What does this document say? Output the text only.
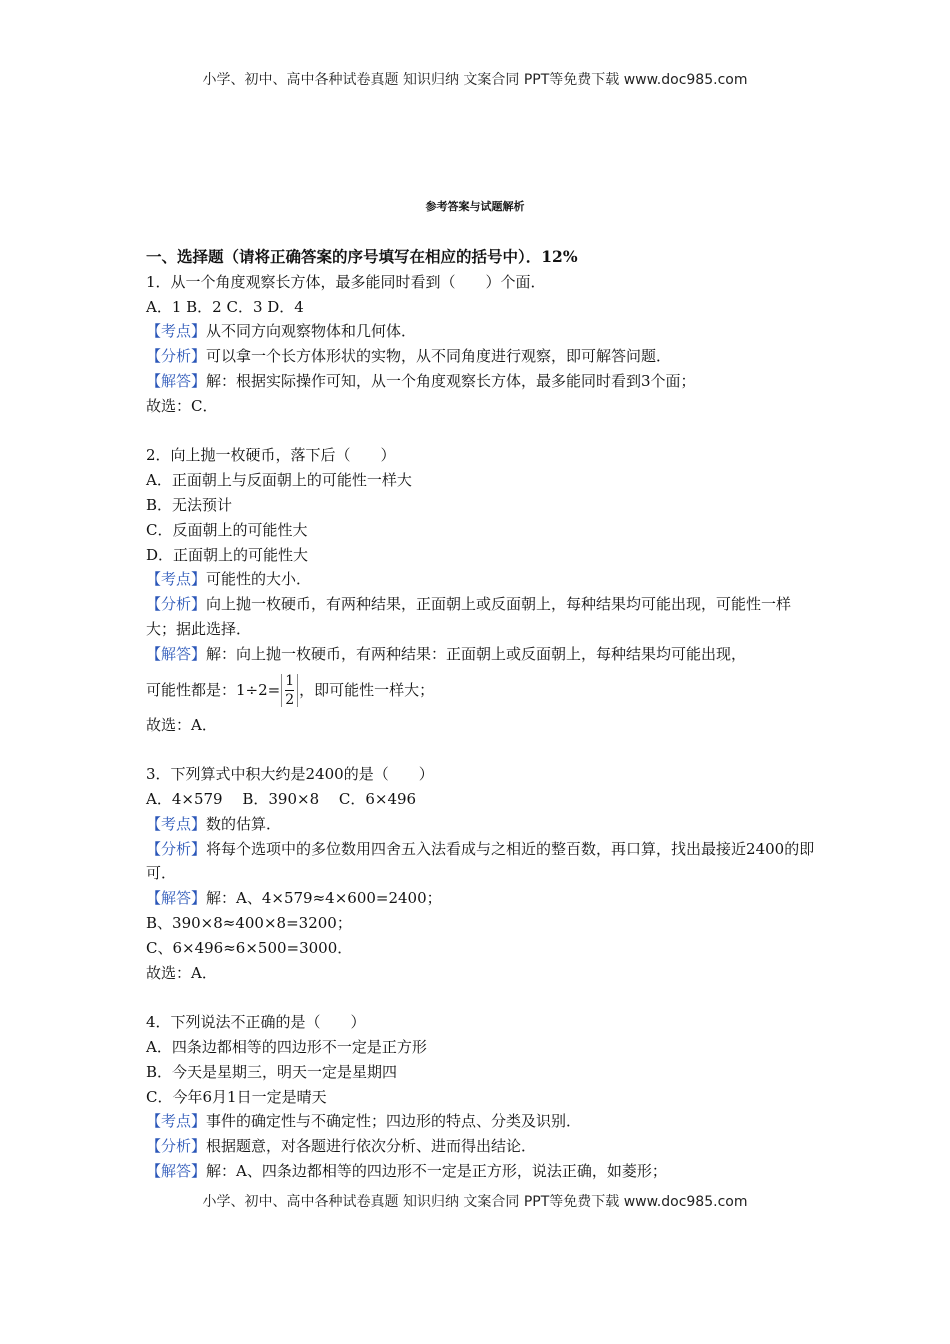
小学、初中、高中各种试卷真题 知识归纳 文案合同 PPT等免费下载 www.doc985.com
参考答案与试题解析
一、选择题（请将正确答案的序号填写在相应的括号中）．12%
1．从一个角度观察长方体，最多能同时看到（　　）个面．
A．1 B．2 C．3 D．4
【考点】从不同方向观察物体和几何体．
【分析】可以拿一个长方体形状的实物，从不同角度进行观察，即可解答问题．
【解答】解：根据实际操作可知，从一个角度观察长方体，最多能同时看到3个面；
故选：C．
2．向上抛一枚硬币，落下后（　　）
A．正面朝上与反面朝上的可能性一样大
B．无法预计
C．反面朝上的可能性大
D．正面朝上的可能性大
【考点】可能性的大小．
【分析】向上抛一枚硬币，有两种结果，正面朝上或反面朝上，每种结果均可能出现，可能性一样大；据此选择．
【解答】解：向上抛一枚硬币，有两种结果：正面朝上或反面朝上，每种结果均可能出现，
可能性都是：$1\div 2= \frac{1}{2}$ ，即可能性一样大；
故选：A．
3．下列算式中积大约是2400的是（　　）
A．4×579　 B．390×8　 C．6×496
【考点】数的估算．
【分析】将每个选项中的多位数用四舍五入法看成与之相近的整百数，再口算，找出最接近2400的即可．
【解答】解：A、4×579≈4×600=2400；
B、390×8≈400×8=3200；
C、6×496≈6×500=3000．
故选：A．
4．下列说法不正确的是（　　）
A．四条边都相等的四边形不一定是正方形
B．今天是星期三，明天一定是星期四
C．今年6月1日一定是晴天
【考点】事件的确定性与不确定性；四边形的特点、分类及识别．
【分析】根据题意，对各题进行依次分析、进而得出结论．
【解答】解：A、四条边都相等的四边形不一定是正方形，说法正确，如菱形；
小学、初中、高中各种试卷真题 知识归纳 文案合同 PPT等免费下载 www.doc985.com
